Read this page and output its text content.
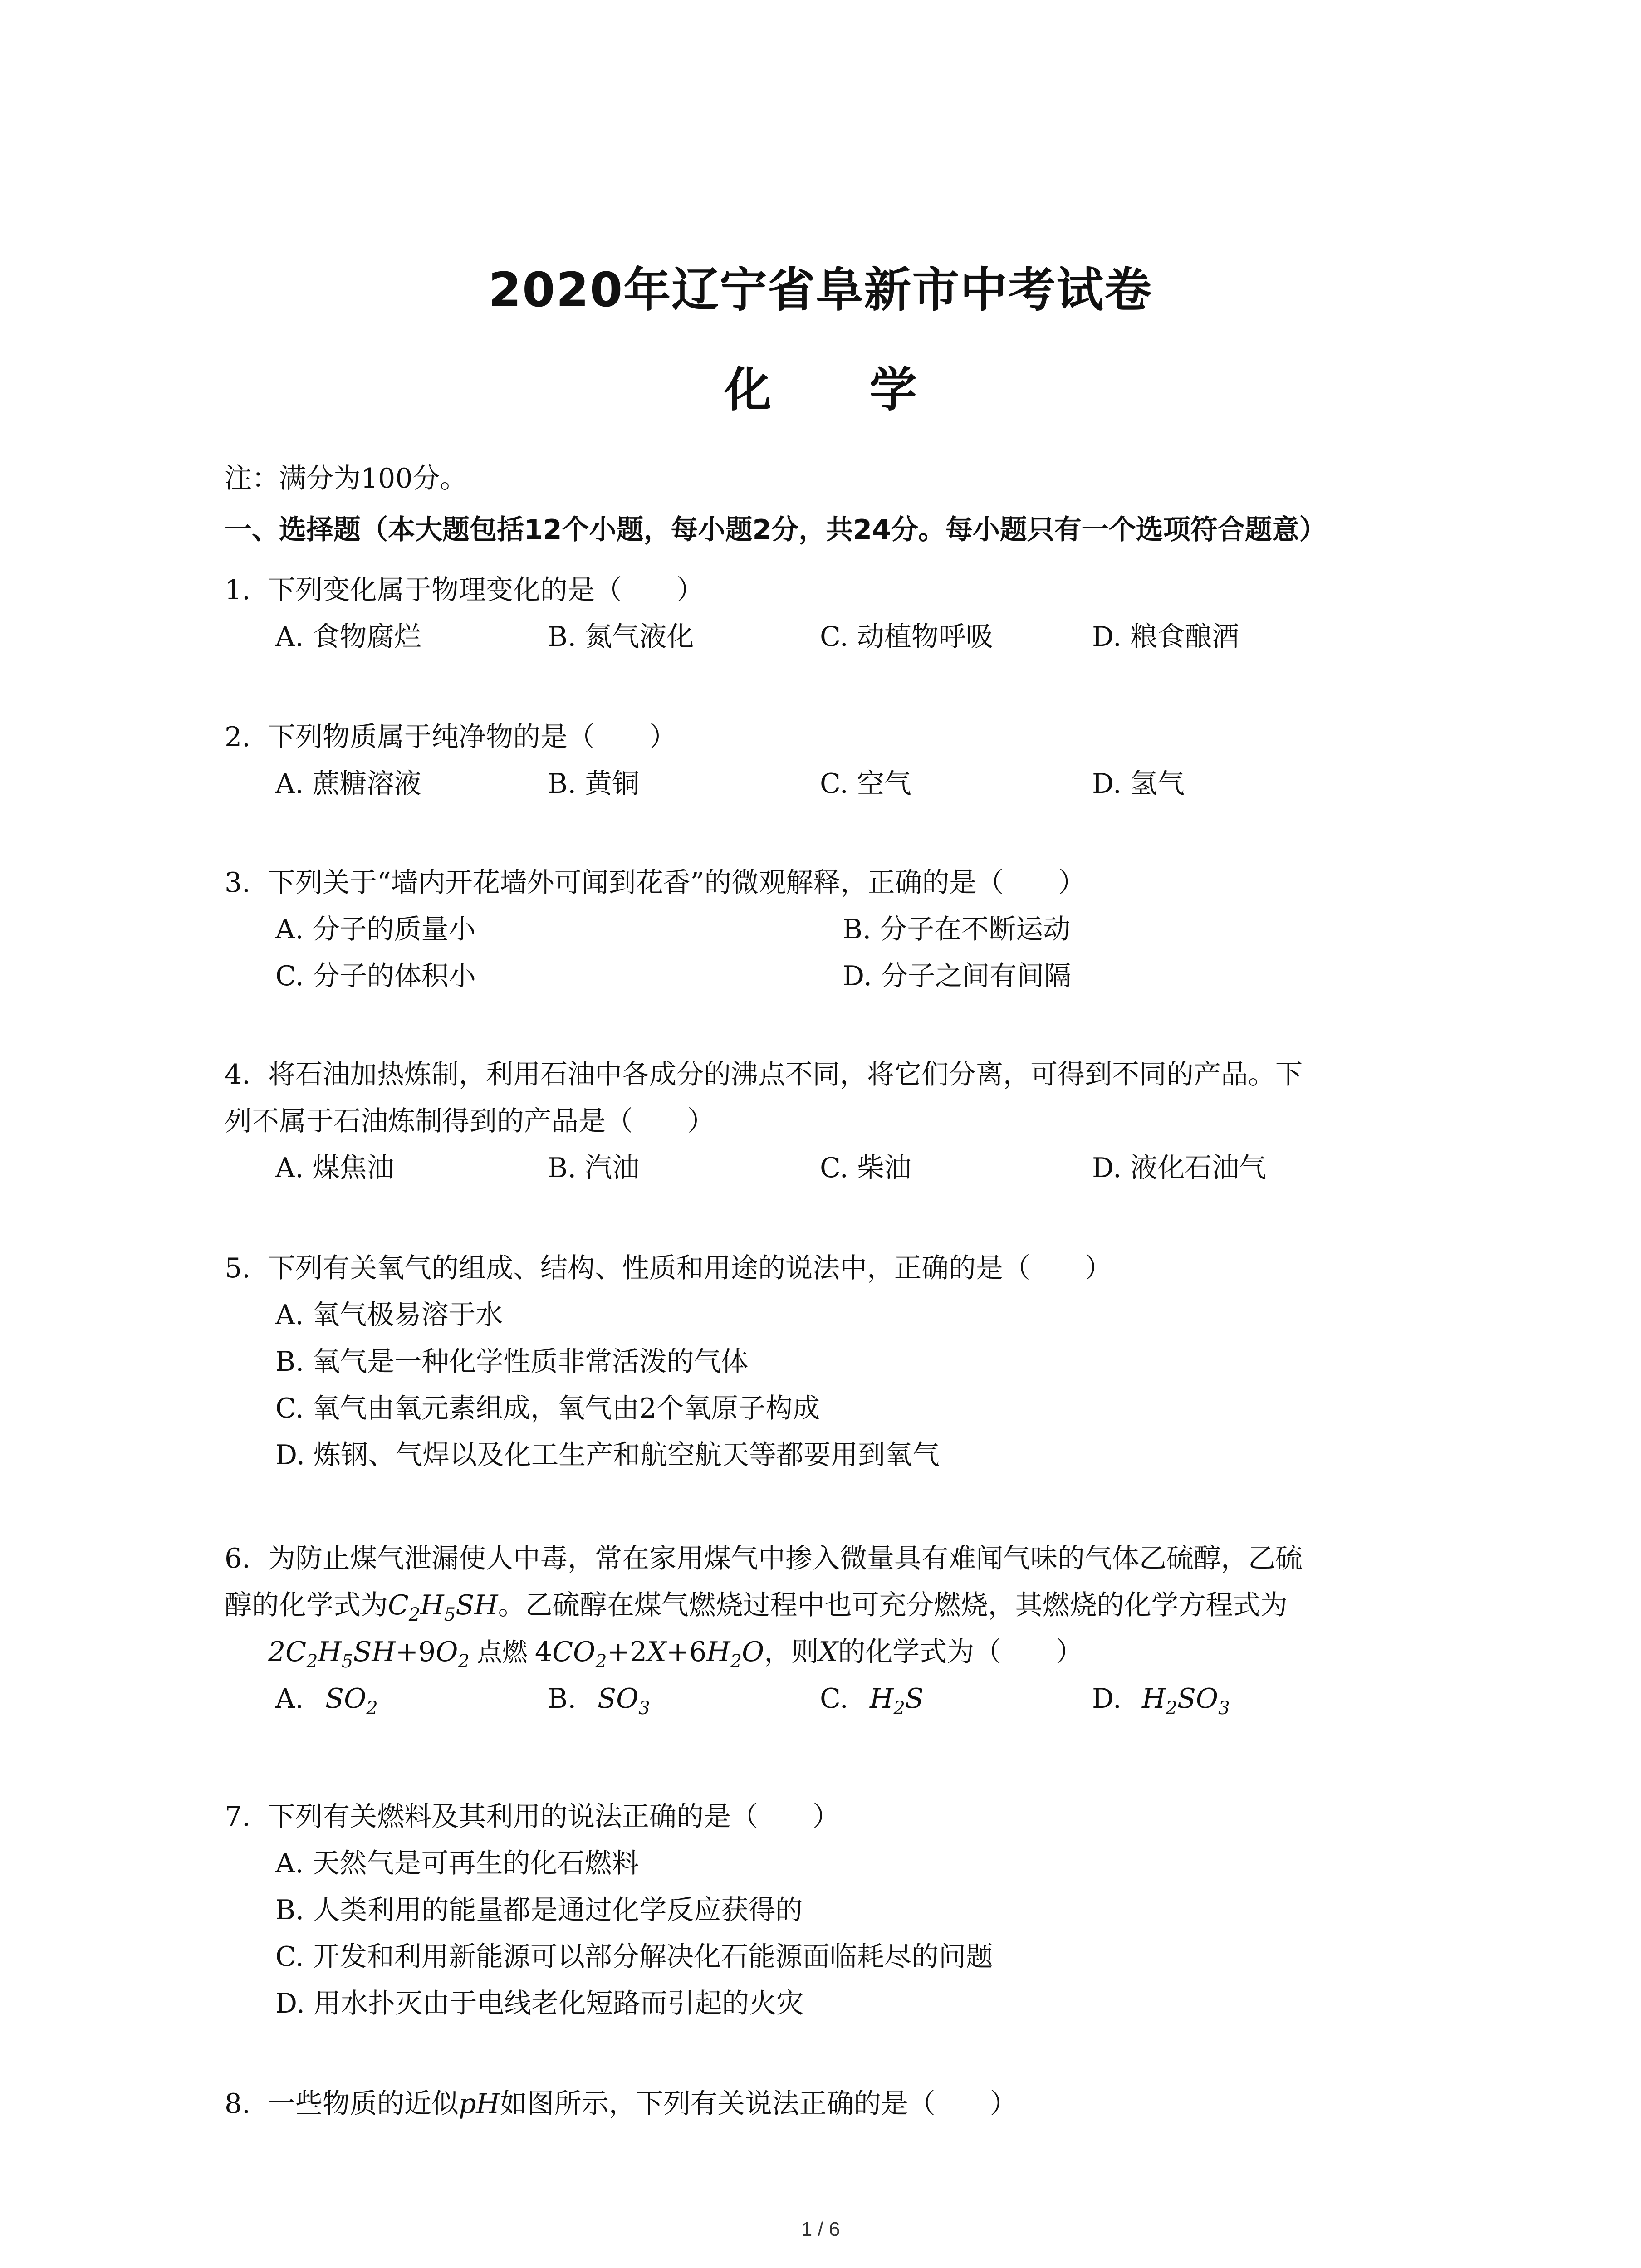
2020年辽宁省阜新市中考试卷
化 学
注：满分为100分。
一、选择题（本大题包括12个小题，每小题2分，共24分。每小题只有一个选项符合题意）
1. 下列变化属于物理变化的是（　　）
A. 食物腐烂	B. 氮气液化	C. 动植物呼吸	D. 粮食酿酒
2. 下列物质属于纯净物的是（　　）
A. 蔗糖溶液	B. 黄铜	C. 空气	D. 氢气
3. 下列关于“墙内开花墙外可闻到花香”的微观解释，正确的是（　　）
A. 分子的质量小	B. 分子在不断运动
C. 分子的体积小	D. 分子之间有间隔
4. 将石油加热炼制，利用石油中各成分的沸点不同，将它们分离，可得到不同的产品。下
列不属于石油炼制得到的产品是（　　）
A. 煤焦油	B. 汽油	C. 柴油	D. 液化石油气
5. 下列有关氧气的组成、结构、性质和用途的说法中，正确的是（　　）
A. 氧气极易溶于水
B. 氧气是一种化学性质非常活泼的气体
C. 氧气由氧元素组成，氧气由2个氧原子构成
D. 炼钢、气焊以及化工生产和航空航天等都要用到氧气
6. 为防止煤气泄漏使人中毒，常在家用煤气中掺入微量具有难闻气味的气体乙硫醇，乙硫
醇的化学式为$C_2H_5SH$。乙硫醇在煤气燃烧过程中也可充分燃烧，其燃烧的化学方程式为
$2C_2H_5SH+9O_2$ 点燃 $4CO_2+2X+6H_2O$，则X的化学式为（　　）
A. $SO_2$	B. $SO_3$	C. $H_2S$	D. $H_2SO_3$
7. 下列有关燃料及其利用的说法正确的是（　　）
A. 天然气是可再生的化石燃料
B. 人类利用的能量都是通过化学反应获得的
C. 开发和利用新能源可以部分解决化石能源面临耗尽的问题
D. 用水扑灭由于电线老化短路而引起的火灾
8. 一些物质的近似pH如图所示，下列有关说法正确的是（　　）
1 / 6
